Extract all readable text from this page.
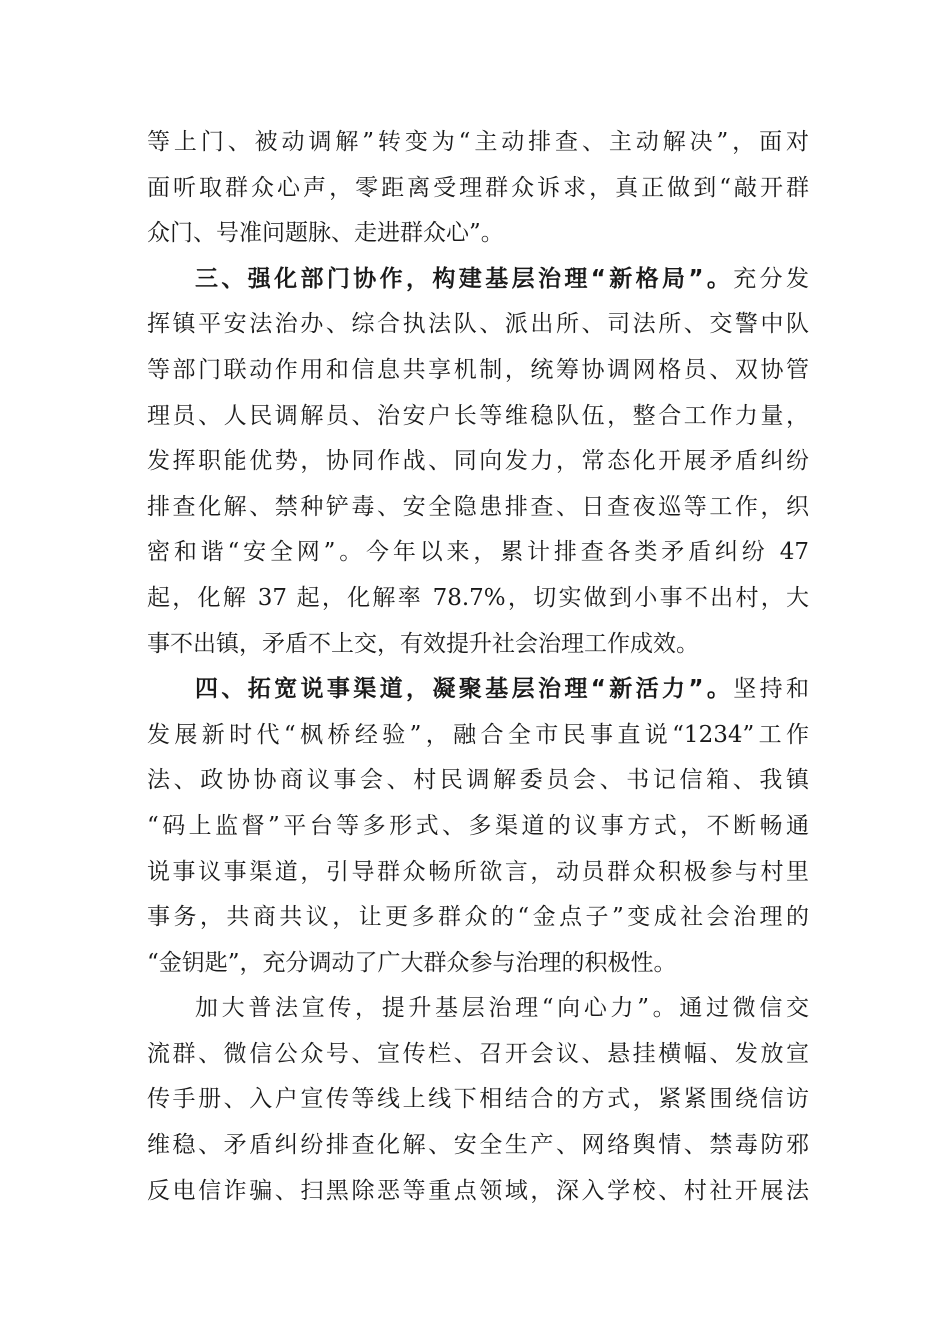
等上门、被动调解”转变为“主动排查、主动解决”，面对
面听取群众心声，零距离受理群众诉求，真正做到“敲开群
众门、号准问题脉、走进群众心”。
三、强化部门协作，构建基层治理“新格局”。充分发
挥镇平安法治办、综合执法队、派出所、司法所、交警中队
等部门联动作用和信息共享机制，统筹协调网格员、双协管
理员、人民调解员、治安户长等维稳队伍，整合工作力量，
发挥职能优势，协同作战、同向发力，常态化开展矛盾纠纷
排查化解、禁种铲毒、安全隐患排查、日查夜巡等工作，织
密和谐“安全网”。今年以来，累计排查各类矛盾纠纷 47
起，化解 37 起，化解率 78.7%，切实做到小事不出村，大
事不出镇，矛盾不上交，有效提升社会治理工作成效。
四、拓宽说事渠道，凝聚基层治理“新活力”。坚持和
发展新时代“枫桥经验”，融合全市民事直说“1234”工作
法、政协协商议事会、村民调解委员会、书记信箱、我镇
“码上监督”平台等多形式、多渠道的议事方式，不断畅通
说事议事渠道，引导群众畅所欲言，动员群众积极参与村里
事务，共商共议，让更多群众的“金点子”变成社会治理的
“金钥匙”，充分调动了广大群众参与治理的积极性。
加大普法宣传，提升基层治理“向心力”。通过微信交
流群、微信公众号、宣传栏、召开会议、悬挂横幅、发放宣
传手册、入户宣传等线上线下相结合的方式，紧紧围绕信访
维稳、矛盾纠纷排查化解、安全生产、网络舆情、禁毒防邪
反电信诈骗、扫黑除恶等重点领域，深入学校、村社开展法
